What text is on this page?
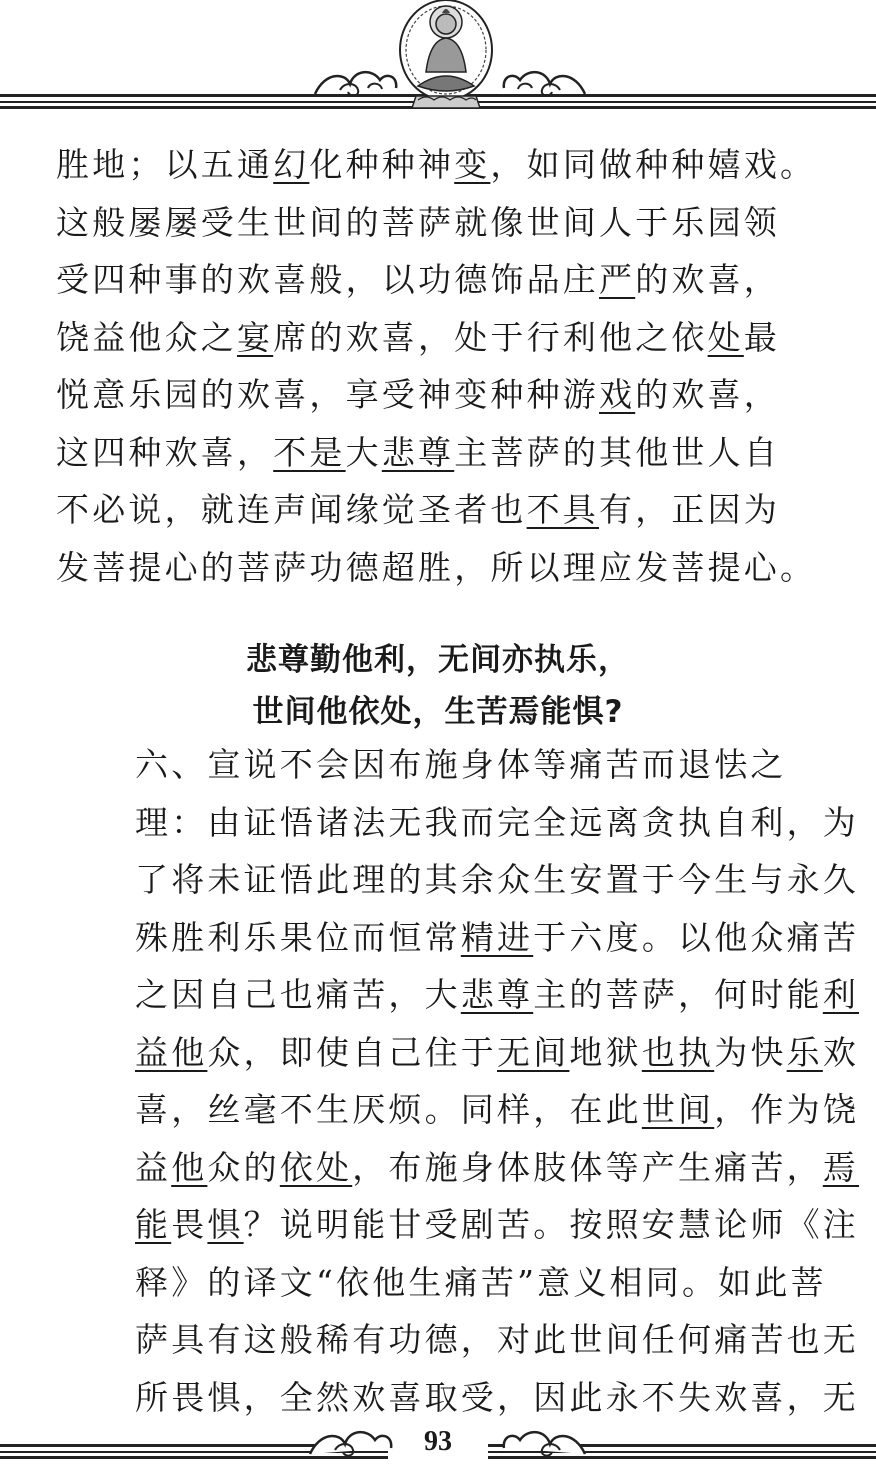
胜地；以五通幻化种种神变，如同做种种嬉戏。
这般屡屡受生世间的菩萨就像世间人于乐园领
受四种事的欢喜般，以功德饰品庄严的欢喜，
饶益他众之宴席的欢喜，处于行利他之依处最
悦意乐园的欢喜，享受神变种种游戏的欢喜，
这四种欢喜，不是大悲尊主菩萨的其他世人自
不必说，就连声闻缘觉圣者也不具有，正因为
发菩提心的菩萨功德超胜，所以理应发菩提心。
悲尊勤他利，无间亦执乐，
世间他依处，生苦焉能惧?
六、宣说不会因布施身体等痛苦而退怯之
理：由证悟诸法无我而完全远离贪执自利，为
了将未证悟此理的其余众生安置于今生与永久
殊胜利乐果位而恒常精进于六度。以他众痛苦
之因自己也痛苦，大悲尊主的菩萨，何时能利
益他众，即使自己住于无间地狱也执为快乐欢
喜，丝毫不生厌烦。同样，在此世间，作为饶
益他众的依处，布施身体肢体等产生痛苦，焉
能畏惧？说明能甘受剧苦。按照安慧论师《注
释》的译文“依他生痛苦”意义相同。如此菩
萨具有这般稀有功德，对此世间任何痛苦也无
所畏惧，全然欢喜取受，因此永不失欢喜，无
93
